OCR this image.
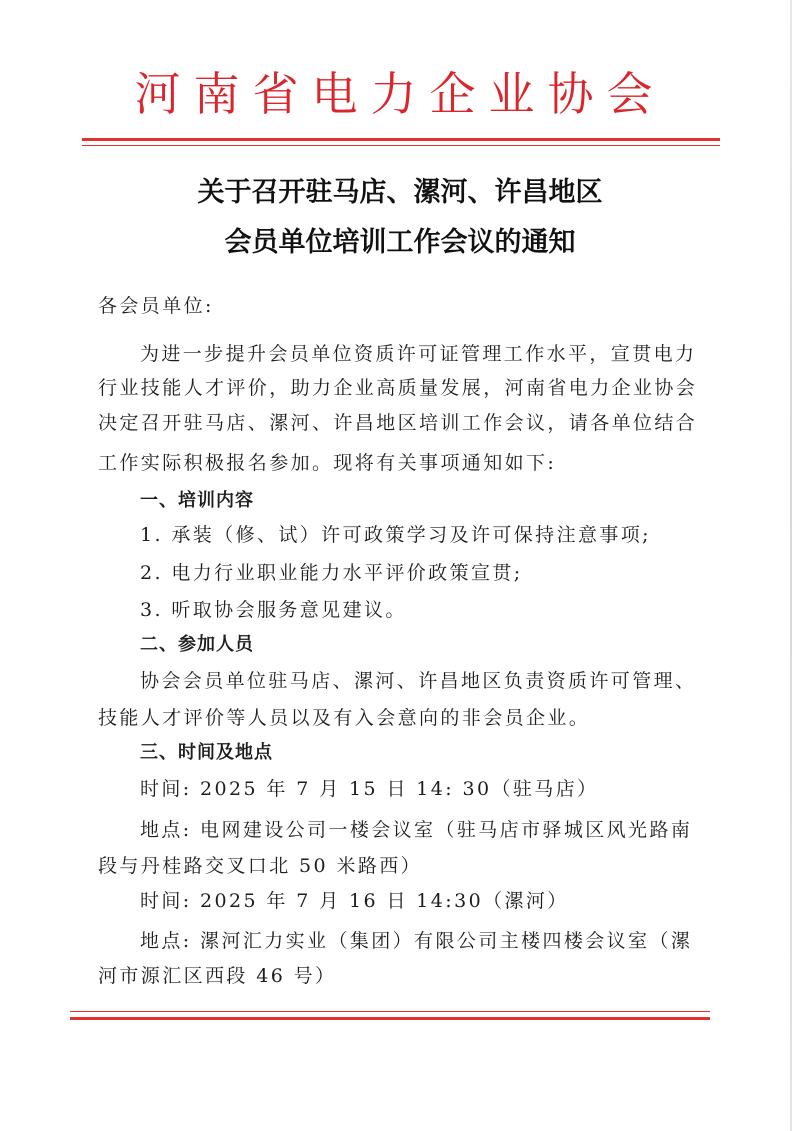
河南省电力企业协会
关于召开驻马店、漯河、许昌地区
会员单位培训工作会议的通知
各会员单位:
为进一步提升会员单位资质许可证管理工作水平，宣贯电力
行业技能人才评价，助力企业高质量发展，河南省电力企业协会
决定召开驻马店、漯河、许昌地区培训工作会议，请各单位结合
工作实际积极报名参加。现将有关事项通知如下:
一、培训内容
1. 承装（修、试）许可政策学习及许可保持注意事项;
2. 电力行业职业能力水平评价政策宣贯;
3. 听取协会服务意见建议。
二、参加人员
协会会员单位驻马店、漯河、许昌地区负责资质许可管理、
技能人才评价等人员以及有入会意向的非会员企业。
三、时间及地点
时间: 2025 年 7 月 15 日 14: 30（驻马店）
地点: 电网建设公司一楼会议室（驻马店市驿城区风光路南
段与丹桂路交叉口北 50 米路西）
时间: 2025 年 7 月 16 日 14:30（漯河）
地点: 漯河汇力实业（集团）有限公司主楼四楼会议室（漯
河市源汇区西段 46 号）
